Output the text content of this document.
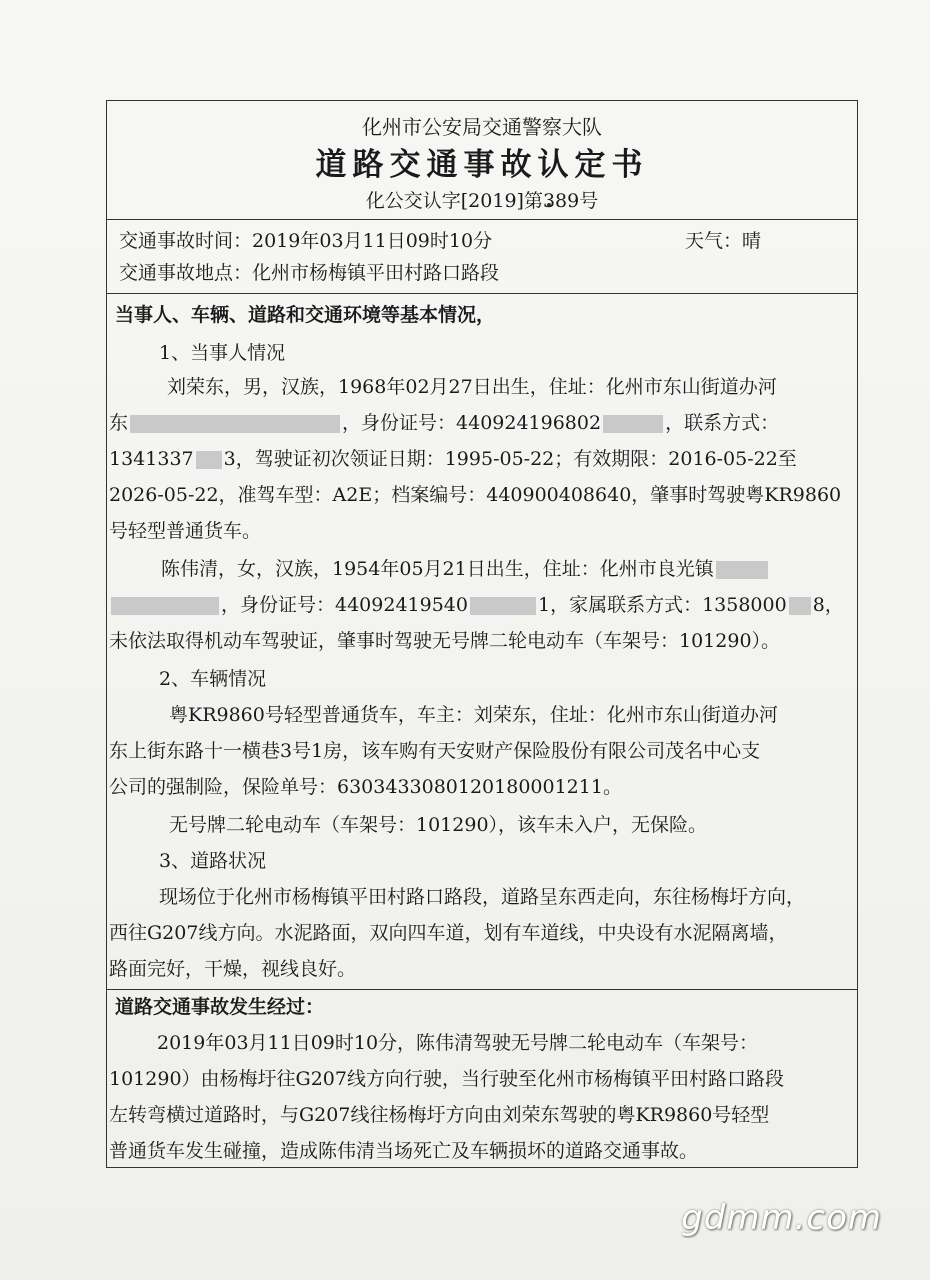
化州市公安局交通警察大队
道路交通事故认定书
化公交认字[2019]第389号
交通事故时间：2019年03月11日09时10分	天气：晴
交通事故地点：化州市杨梅镇平田村路口路段
当事人、车辆、道路和交通环境等基本情况，
1、当事人情况
刘荣东，男，汉族，1968年02月27日出生，住址：化州市东山街道办河
东	，身份证号：440924196802	，联系方式：
1341337 3，驾驶证初次领证日期：1995-05-22；有效期限：2016-05-22至
2026-05-22，准驾车型：A2E；档案编号：440900408640，肇事时驾驶粤KR9860
号轻型普通货车。
陈伟清，女，汉族，1954年05月21日出生，住址：化州市良光镇
，身份证号：44092419540	1，家属联系方式：1358000 8，
未依法取得机动车驾驶证，肇事时驾驶无号牌二轮电动车（车架号：101290）。
2、车辆情况
粤KR9860号轻型普通货车，车主：刘荣东，住址：化州市东山街道办河
东上街东路十一横巷3号1房，该车购有天安财产保险股份有限公司茂名中心支
公司的强制险，保险单号：630343308012018000121​1。
无号牌二轮电动车（车架号：101290），该车未入户，无保险。
3、道路状况
现场位于化州市杨梅镇平田村路口路段，道路呈东西走向，东往杨梅圩方向，
西往G207线方向。水泥路面，双向四车道，划有车道线，中央设有水泥隔离墙，
路面完好，干燥，视线良好。
道路交通事故发生经过：
2019年03月11日09时10分，陈伟清驾驶无号牌二轮电动车（车架号：
101290）由杨梅圩往G207线方向行驶，当行驶至化州市杨梅镇平田村路口路段
左转弯横过道路时，与G207线往杨梅圩方向由刘荣东驾驶的粤KR9860号轻型
普通货车发生碰撞，造成陈伟清当场死亡及车辆损坏的道路交通事故。
gdmm.com
